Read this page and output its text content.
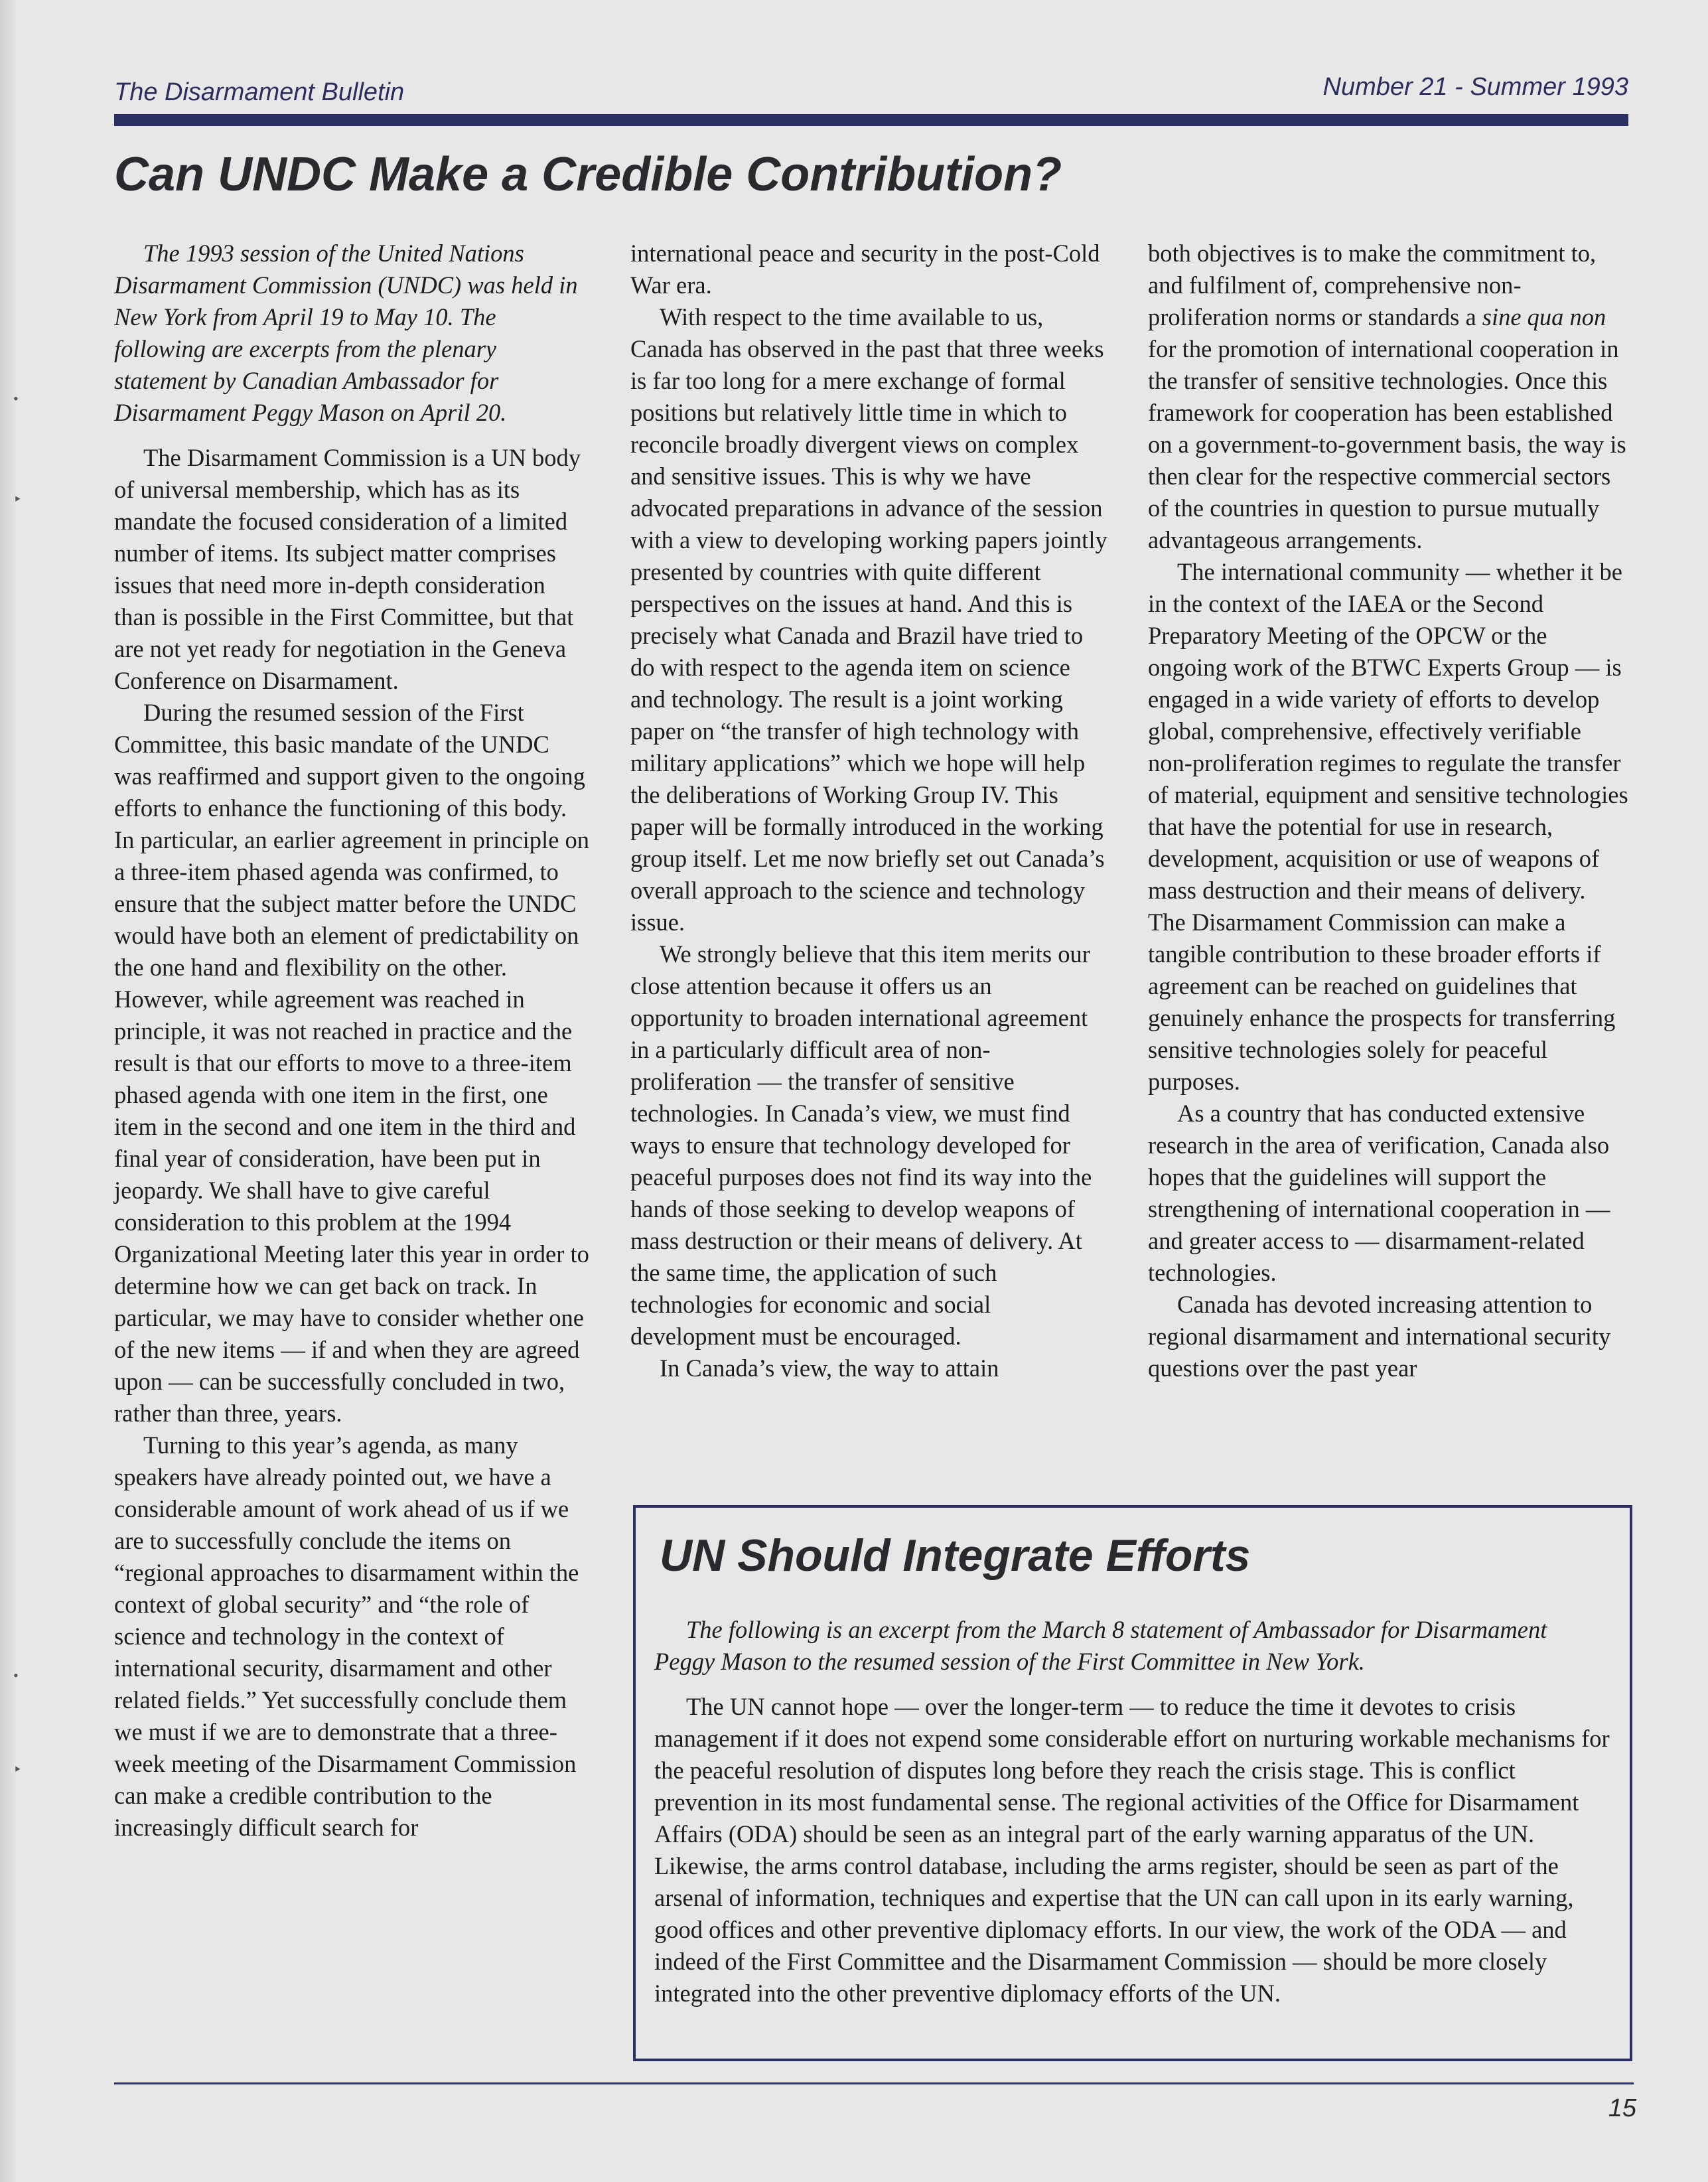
•
‣
•
‣
The Disarmament Bulletin	Number 21 - Summer 1993
Can UNDC Make a Credible Contribution?

The 1993 session of the United Nations Disarmament Commission (UNDC) was held in New York from April 19 to May 10. The following are excerpts from the plenary statement by Canadian Ambassador for Disarmament Peggy Mason on April 20.

The Disarmament Commission is a UN body of universal membership, which has as its mandate the focused consideration of a limited number of items. Its subject matter comprises issues that need more in-depth consideration than is possible in the First Committee, but that are not yet ready for negotiation in the Geneva Conference on Disarmament.

During the resumed session of the First Committee, this basic mandate of the UNDC was reaffirmed and support given to the ongoing efforts to enhance the functioning of this body. In particular, an earlier agreement in principle on a three-item phased agenda was confirmed, to ensure that the subject matter before the UNDC would have both an element of predictability on the one hand and flexibility on the other. However, while agreement was reached in principle, it was not reached in practice and the result is that our efforts to move to a three-item phased agenda with one item in the first, one item in the second and one item in the third and final year of consideration, have been put in jeopardy. We shall have to give careful consideration to this problem at the 1994 Organizational Meeting later this year in order to determine how we can get back on track. In particular, we may have to consider whether one of the new items — if and when they are agreed upon — can be successfully concluded in two, rather than three, years.

Turning to this year’s agenda, as many speakers have already pointed out, we have a considerable amount of work ahead of us if we are to successfully conclude the items on “regional approaches to disarmament within the context of global security” and “the role of science and technology in the context of international security, disarmament and other related fields.” Yet successfully conclude them we must if we are to demonstrate that a three-week meeting of the Disarmament Commission can make a credible contribution to the increasingly difficult search for

international peace and security in the post-Cold War era.

With respect to the time available to us, Canada has observed in the past that three weeks is far too long for a mere exchange of formal positions but relatively little time in which to reconcile broadly divergent views on complex and sensitive issues. This is why we have advocated preparations in advance of the session with a view to developing working papers jointly presented by countries with quite different perspectives on the issues at hand. And this is precisely what Canada and Brazil have tried to do with respect to the agenda item on science and technology. The result is a joint working paper on “the transfer of high technology with military applications” which we hope will help the deliberations of Working Group IV. This paper will be formally introduced in the working group itself. Let me now briefly set out Canada’s overall approach to the science and technology issue.

We strongly believe that this item merits our close attention because it offers us an opportunity to broaden international agreement in a particularly difficult area of non-proliferation — the transfer of sensitive technologies. In Canada’s view, we must find ways to ensure that technology developed for peaceful purposes does not find its way into the hands of those seeking to develop weapons of mass destruction or their means of delivery. At the same time, the application of such technologies for economic and social development must be encouraged.

In Canada’s view, the way to attain

both objectives is to make the commitment to, and fulfilment of, comprehensive non-proliferation norms or standards a sine qua non for the promotion of international cooperation in the transfer of sensitive technologies. Once this framework for cooperation has been established on a government-to-government basis, the way is then clear for the respective commercial sectors of the countries in question to pursue mutually advantageous arrangements.

The international community — whether it be in the context of the IAEA or the Second Preparatory Meeting of the OPCW or the ongoing work of the BTWC Experts Group — is engaged in a wide variety of efforts to develop global, comprehensive, effectively verifiable non-proliferation regimes to regulate the transfer of material, equipment and sensitive technologies that have the potential for use in research, development, acquisition or use of weapons of mass destruction and their means of delivery. The Disarmament Commission can make a tangible contribution to these broader efforts if agreement can be reached on guidelines that genuinely enhance the prospects for transferring sensitive technologies solely for peaceful purposes.

As a country that has conducted extensive research in the area of verification, Canada also hopes that the guidelines will support the strengthening of international cooperation in — and greater access to — disarmament-related technologies.

Canada has devoted increasing attention to regional disarmament and international security questions over the past year

UN Should Integrate Efforts

The following is an excerpt from the March 8 statement of Ambassador for Disarmament Peggy Mason to the resumed session of the First Committee in New York.

The UN cannot hope — over the longer-term — to reduce the time it devotes to crisis management if it does not expend some considerable effort on nurturing workable mechanisms for the peaceful resolution of disputes long before they reach the crisis stage. This is conflict prevention in its most fundamental sense. The regional activities of the Office for Disarmament Affairs (ODA) should be seen as an integral part of the early warning apparatus of the UN. Likewise, the arms control database, including the arms register, should be seen as part of the arsenal of information, techniques and expertise that the UN can call upon in its early warning, good offices and other preventive diplomacy efforts. In our view, the work of the ODA — and indeed of the First Committee and the Disarmament Commission — should be more closely integrated into the other preventive diplomacy efforts of the UN.

15
